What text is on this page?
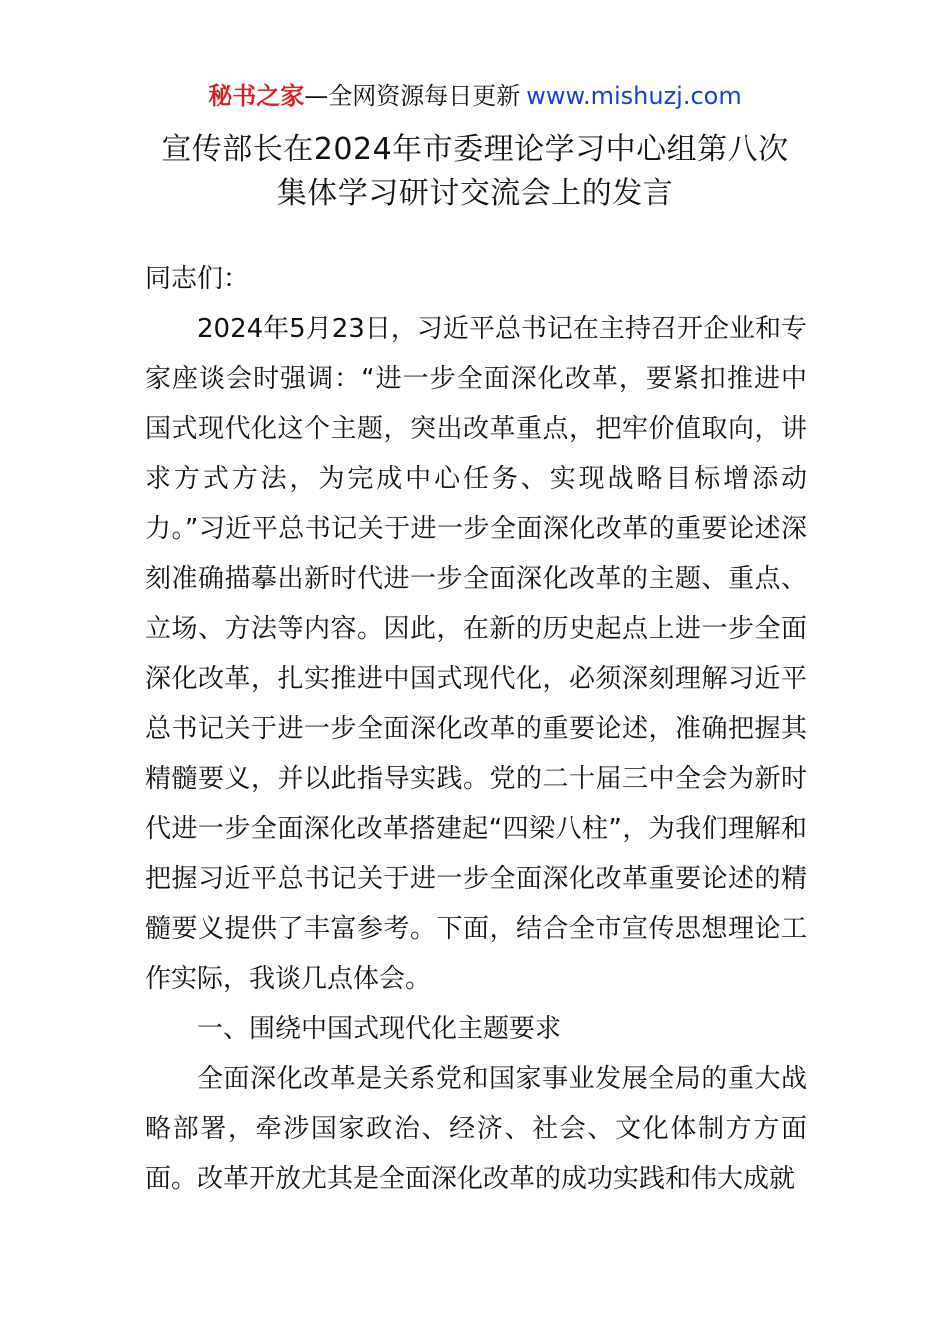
秘书之家—全网资源每日更新 www.mishuzj.com
宣传部长在2024年市委理论学习中心组第八次
集体学习研讨交流会上的发言

同志们：

2024年5月23日，习近平总书记在主持召开企业和专家座谈会时强调：“进一步全面深化改革，要紧扣推进中国式现代化这个主题，突出改革重点，把牢价值取向，讲求方式方法，为完成中心任务、实现战略目标增添动力。”习近平总书记关于进一步全面深化改革的重要论述深刻准确描摹出新时代进一步全面深化改革的主题、重点、立场、方法等内容。因此，在新的历史起点上进一步全面深化改革，扎实推进中国式现代化，必须深刻理解习近平总书记关于进一步全面深化改革的重要论述，准确把握其精髓要义，并以此指导实践。党的二十届三中全会为新时代进一步全面深化改革搭建起“四梁八柱”，为我们理解和把握习近平总书记关于进一步全面深化改革重要论述的精髓要义提供了丰富参考。下面，结合全市宣传思想理论工作实际，我谈几点体会。

一、围绕中国式现代化主题要求

全面深化改革是关系党和国家事业发展全局的重大战略部署，牵涉国家政治、经济、社会、文化体制方方面面。改革开放尤其是全面深化改革的成功实践和伟大成就
